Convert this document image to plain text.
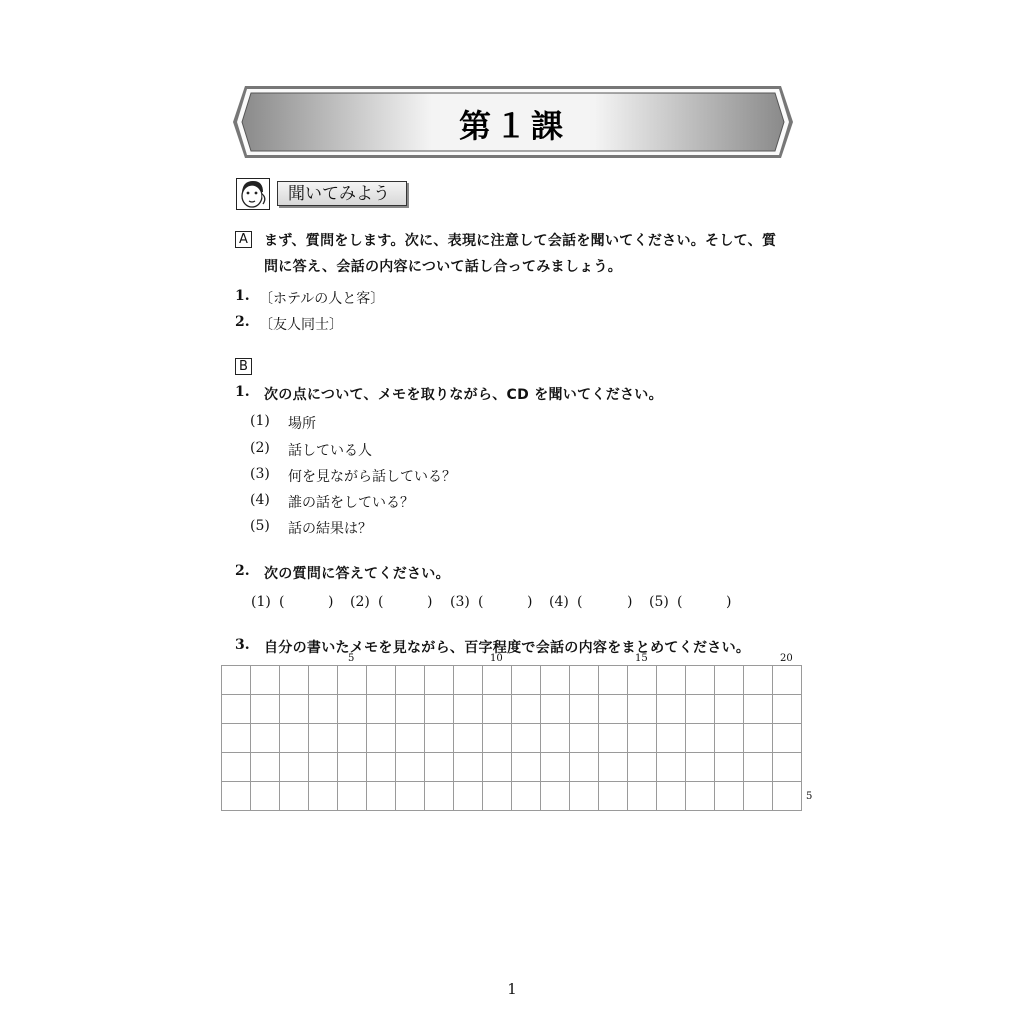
第１課
聞いてみよう
A まず、質問をします。次に、表現に注意して会話を聞いてください。そして、質
問に答え、会話の内容について話し合ってみましょう。
1. 〔ホテルの人と客〕
2. 〔友人同士〕
B
1. 次の点について、メモを取りながら、CD を聞いてください。
(1) 場所
(2) 話している人
(3) 何を見ながら話している？
(4) 誰の話をしている？
(5) 話の結果は？
2. 次の質問に答えてください。
(1) (	) (2) (	) (3) (	) (4) (	) (5) (	)
3. 自分の書いたメモを見ながら、百字程度で会話の内容をまとめてください。
5	10	15	20
5
1
